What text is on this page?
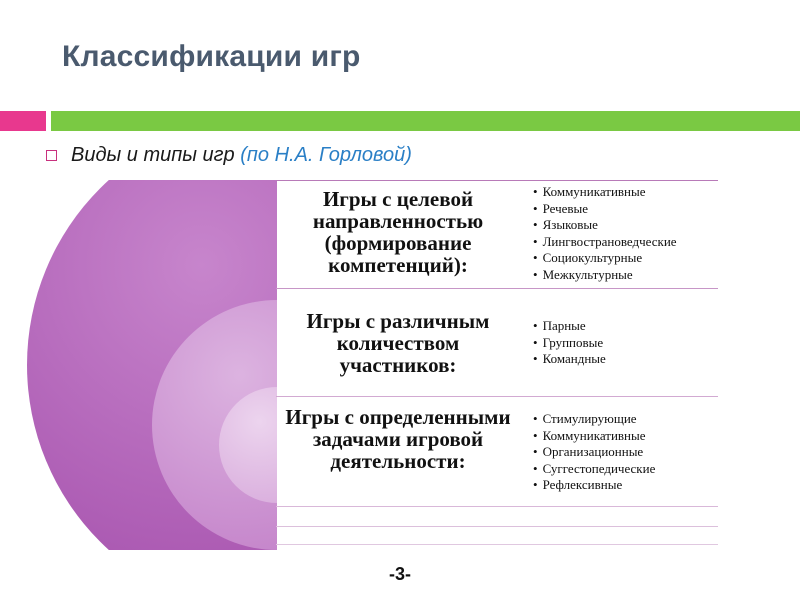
Классификации игр
Виды и типы игр (по Н.А. Горловой)
Игры с целевой направленностью (формирование компетенций):
• Коммуникативные
• Речевые
• Языковые
• Лингвострановедческие
• Социокультурные
• Межкультурные
Игры с различным количеством участников:
• Парные
• Групповые
• Командные
Игры с определенными задачами игровой деятельности:
• Стимулирующие
• Коммуникативные
• Организационные
• Суггестопедические
• Рефлексивные
-3-
